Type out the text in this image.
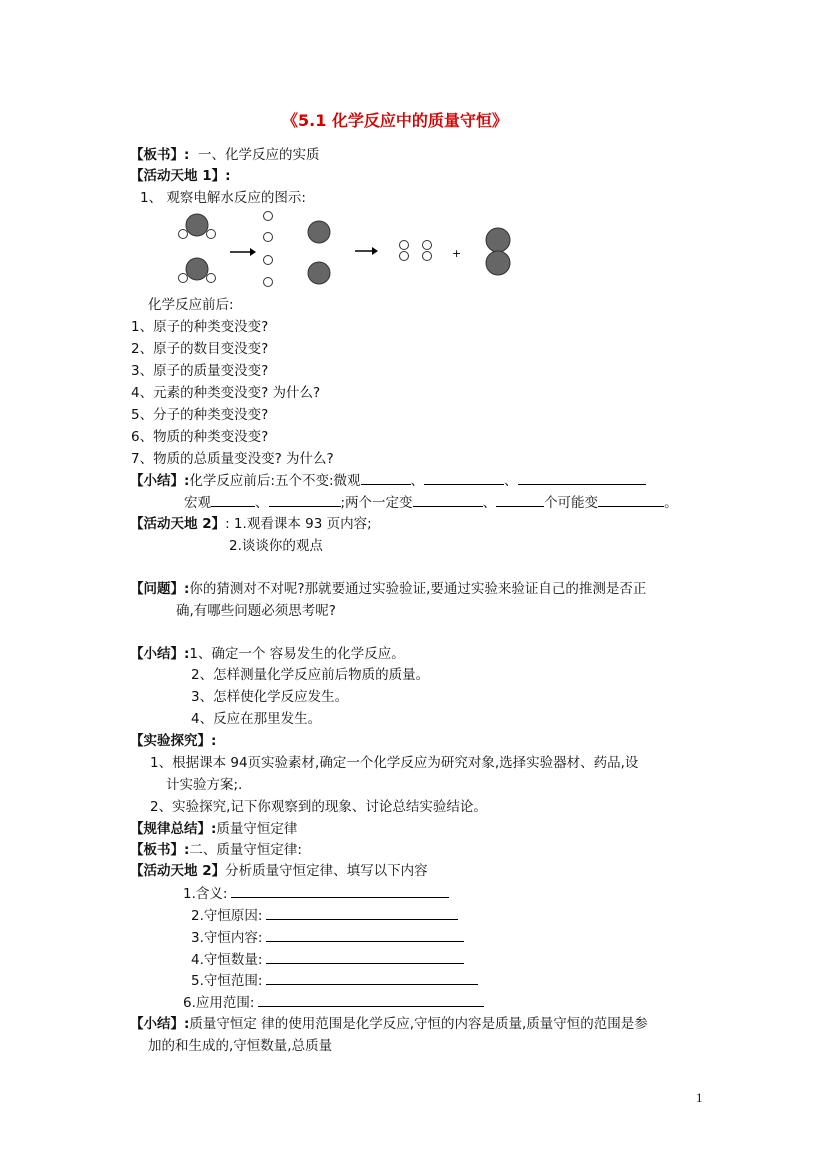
《5.1 化学反应中的质量守恒》
【板书】: 一、化学反应的实质
【活动天地 1】:
1、 观察电解水反应的图示:
+
化学反应前后:
1、原子的种类变没变?
2、原子的数目变没变?
3、原子的质量变没变?
4、元素的种类变没变? 为什么?
5、分子的种类变没变?
6、物质的种类变没变?
7、物质的总质量变没变? 为什么?
【小结】:化学反应前后:五个不变:微观	、	、
宏观	、	;两个一定变	、	个可能变	。
【活动天地 2】: 1.观看课本 93 页内容;
2.谈谈你的观点
【问题】:你的猜测对不对呢?那就要通过实验验证,要通过实验来验证自己的推测是否正
确,有哪些问题必须思考呢?
【小结】:1、确定一个 容易发生的化学反应。
2、怎样测量化学反应前后物质的质量。
3、怎样使化学反应发生。
4、反应在那里发生。
【实验探究】:
1、根据课本 94页实验素材,确定一个化学反应为研究对象,选择实验器材、药品,设
计实验方案;.
2、实验探究,记下你观察到的现象、讨论总结实验结论。
【规律总结】:质量守恒定律
【板书】:二、质量守恒定律:
【活动天地 2】分析质量守恒定律、填写以下内容
1.含义:
2.守恒原因:
3.守恒内容:
4.守恒数量:
5.守恒范围:
6.应用范围:
【小结】:质量守恒定 律的使用范围是化学反应,守恒的内容是质量,质量守恒的范围是参
加的和生成的,守恒数量,总质量
1
